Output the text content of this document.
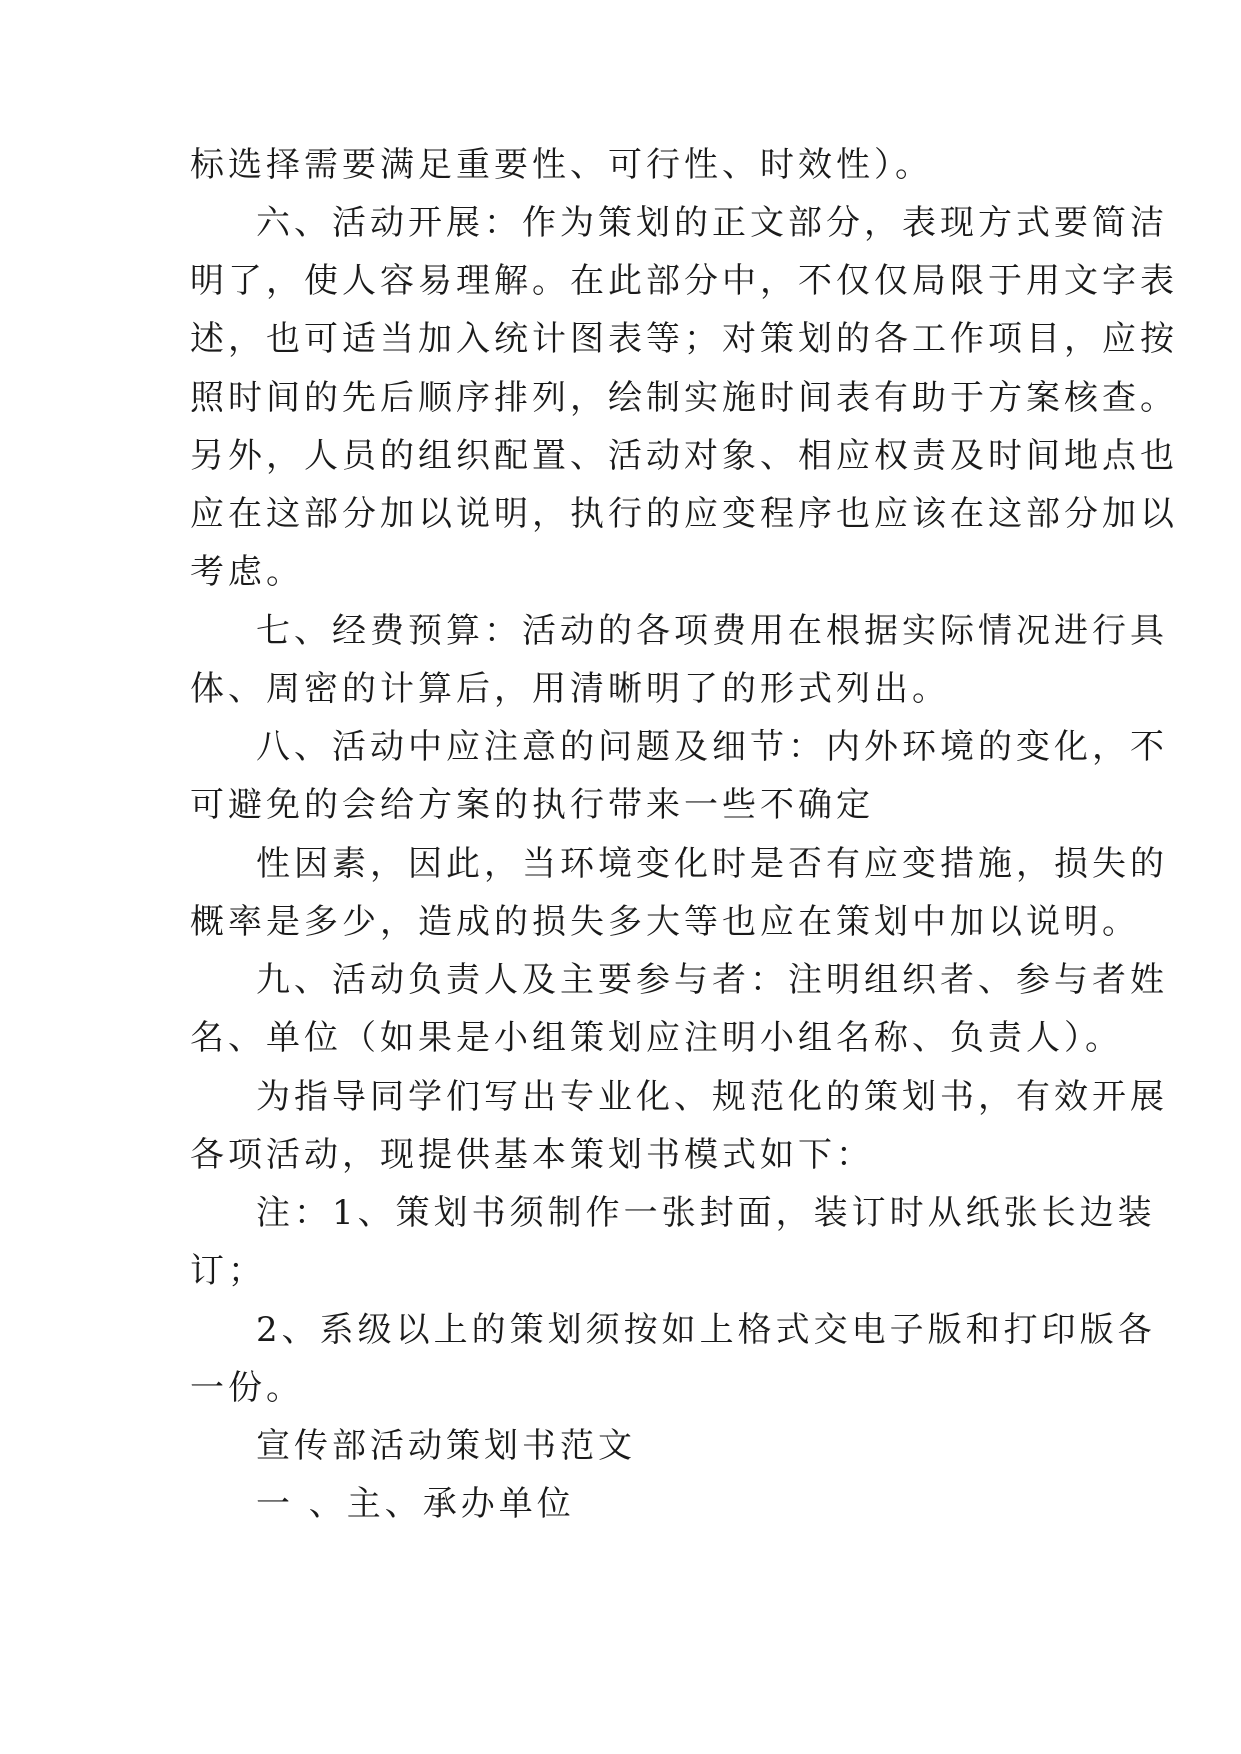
标选择需要满足重要性、可行性、时效性）。
六、活动开展：作为策划的正文部分，表现方式要简洁
明了，使人容易理解。在此部分中，不仅仅局限于用文字表
述，也可适当加入统计图表等；对策划的各工作项目，应按
照时间的先后顺序排列，绘制实施时间表有助于方案核查。
另外，人员的组织配置、活动对象、相应权责及时间地点也
应在这部分加以说明，执行的应变程序也应该在这部分加以
考虑。
七、经费预算：活动的各项费用在根据实际情况进行具
体、周密的计算后，用清晰明了的形式列出。
八、活动中应注意的问题及细节：内外环境的变化，不
可避免的会给方案的执行带来一些不确定
性因素，因此，当环境变化时是否有应变措施，损失的
概率是多少，造成的损失多大等也应在策划中加以说明。
九、活动负责人及主要参与者：注明组织者、参与者姓
名、单位（如果是小组策划应注明小组名称、负责人）。
为指导同学们写出专业化、规范化的策划书，有效开展
各项活动，现提供基本策划书模式如下：
注：1、策划书须制作一张封面，装订时从纸张长边装
订；
2、系级以上的策划须按如上格式交电子版和打印版各
一份。
宣传部活动策划书范文
一 、主、承办单位
